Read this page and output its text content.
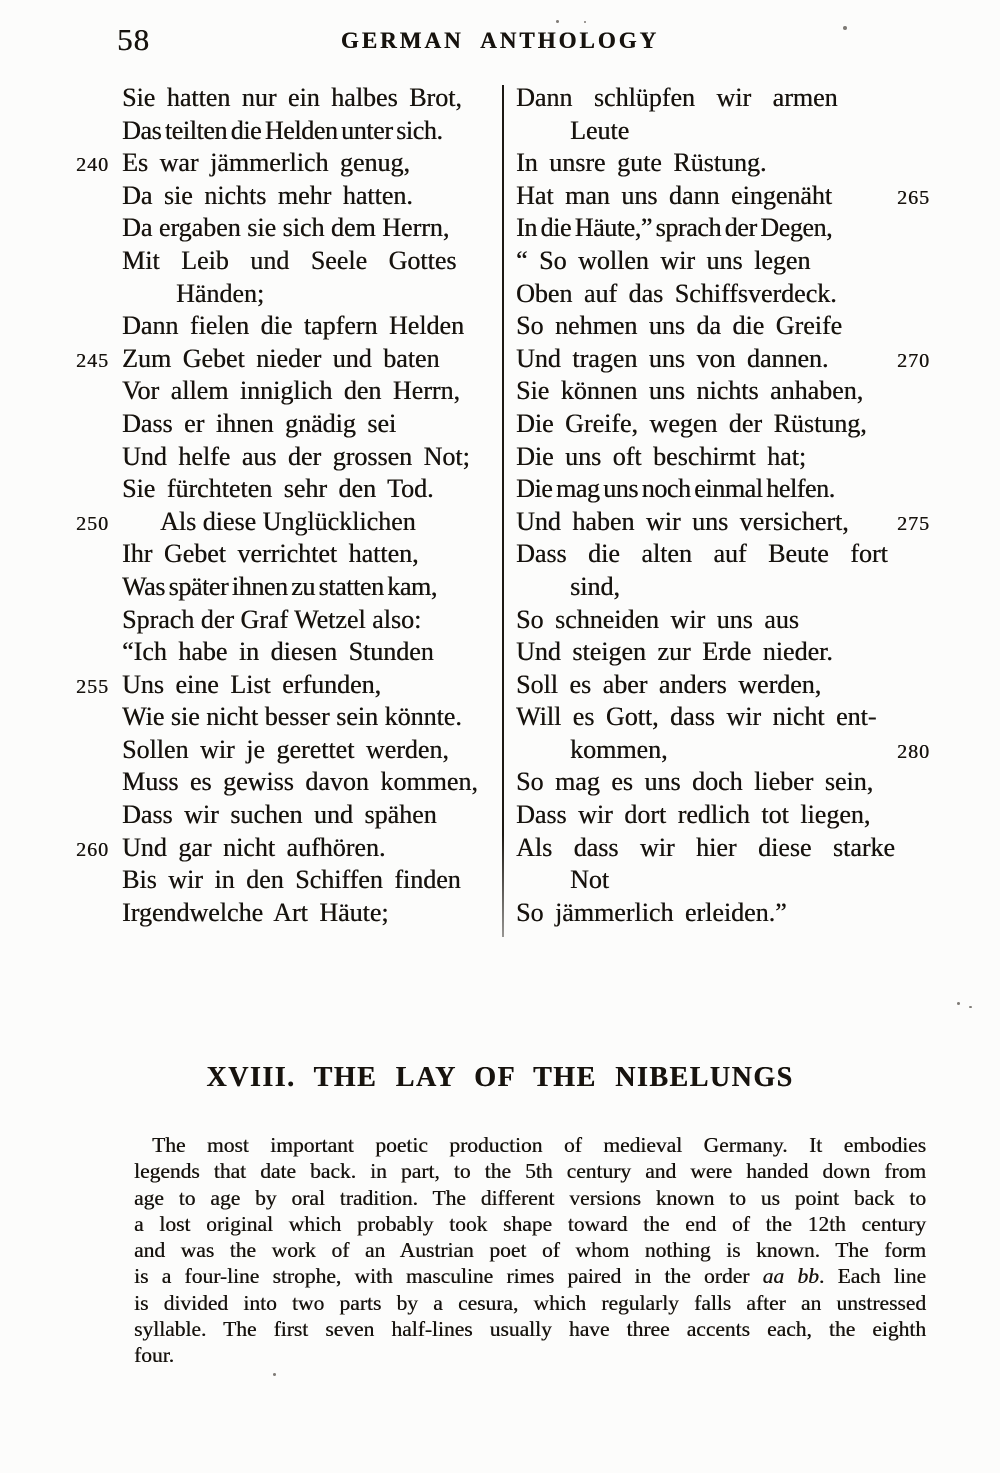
58	GERMAN ANTHOLOGY
Sie hatten nur ein halbes Brot,
Das teilten die Helden unter sich.
240 Es war jämmerlich genug,
Da sie nichts mehr hatten.
Da ergaben sie sich dem Herrn,
Mit Leib und Seele Gottes
Händen;
Dann fielen die tapfern Helden
245 Zum Gebet nieder und baten
Vor allem inniglich den Herrn,
Dass er ihnen gnädig sei
Und helfe aus der grossen Not;
Sie fürchteten sehr den Tod.
250 Als diese Unglücklichen
Ihr Gebet verrichtet hatten,
Was später ihnen zu statten kam,
Sprach der Graf Wetzel also:
“Ich habe in diesen Stunden
255 Uns eine List erfunden,
Wie sie nicht besser sein könnte.
Sollen wir je gerettet werden,
Muss es gewiss davon kommen,
Dass wir suchen und spähen
260 Und gar nicht aufhören.
Bis wir in den Schiffen finden
Irgendwelche Art Häute;
Dann schlüpfen wir armen
Leute
In unsre gute Rüstung.
265
Hat man uns dann eingenäht
In die Häute,” sprach der Degen,
“ So wollen wir uns legen
Oben auf das Schiffsverdeck.
So nehmen uns da die Greife
270
Und tragen uns von dannen.
Sie können uns nichts anhaben,
Die Greife, wegen der Rüstung,
Die uns oft beschirmt hat;
Die mag uns noch einmal helfen.
275
Und haben wir uns versichert,
Dass die alten auf Beute fort
sind,
So schneiden wir uns aus
Und steigen zur Erde nieder.
Soll es aber anders werden,
Will es Gott, dass wir nicht ent-
280
kommen,
So mag es uns doch lieber sein,
Dass wir dort redlich tot liegen,
Als dass wir hier diese starke
Not
So jämmerlich erleiden.”
XVIII. THE LAY OF THE NIBELUNGS
The most important poetic production of medieval Germany. It embodies
legends that date back. in part, to the 5th century and were handed down from
age to age by oral tradition. The different versions known to us point back to
a lost original which probably took shape toward the end of the 12th century
and was the work of an Austrian poet of whom nothing is known. The form
is a four-line strophe, with masculine rimes paired in the order aa bb. Each line
is divided into two parts by a cesura, which regularly falls after an unstressed
syllable. The first seven half-lines usually have three accents each, the eighth
four.
